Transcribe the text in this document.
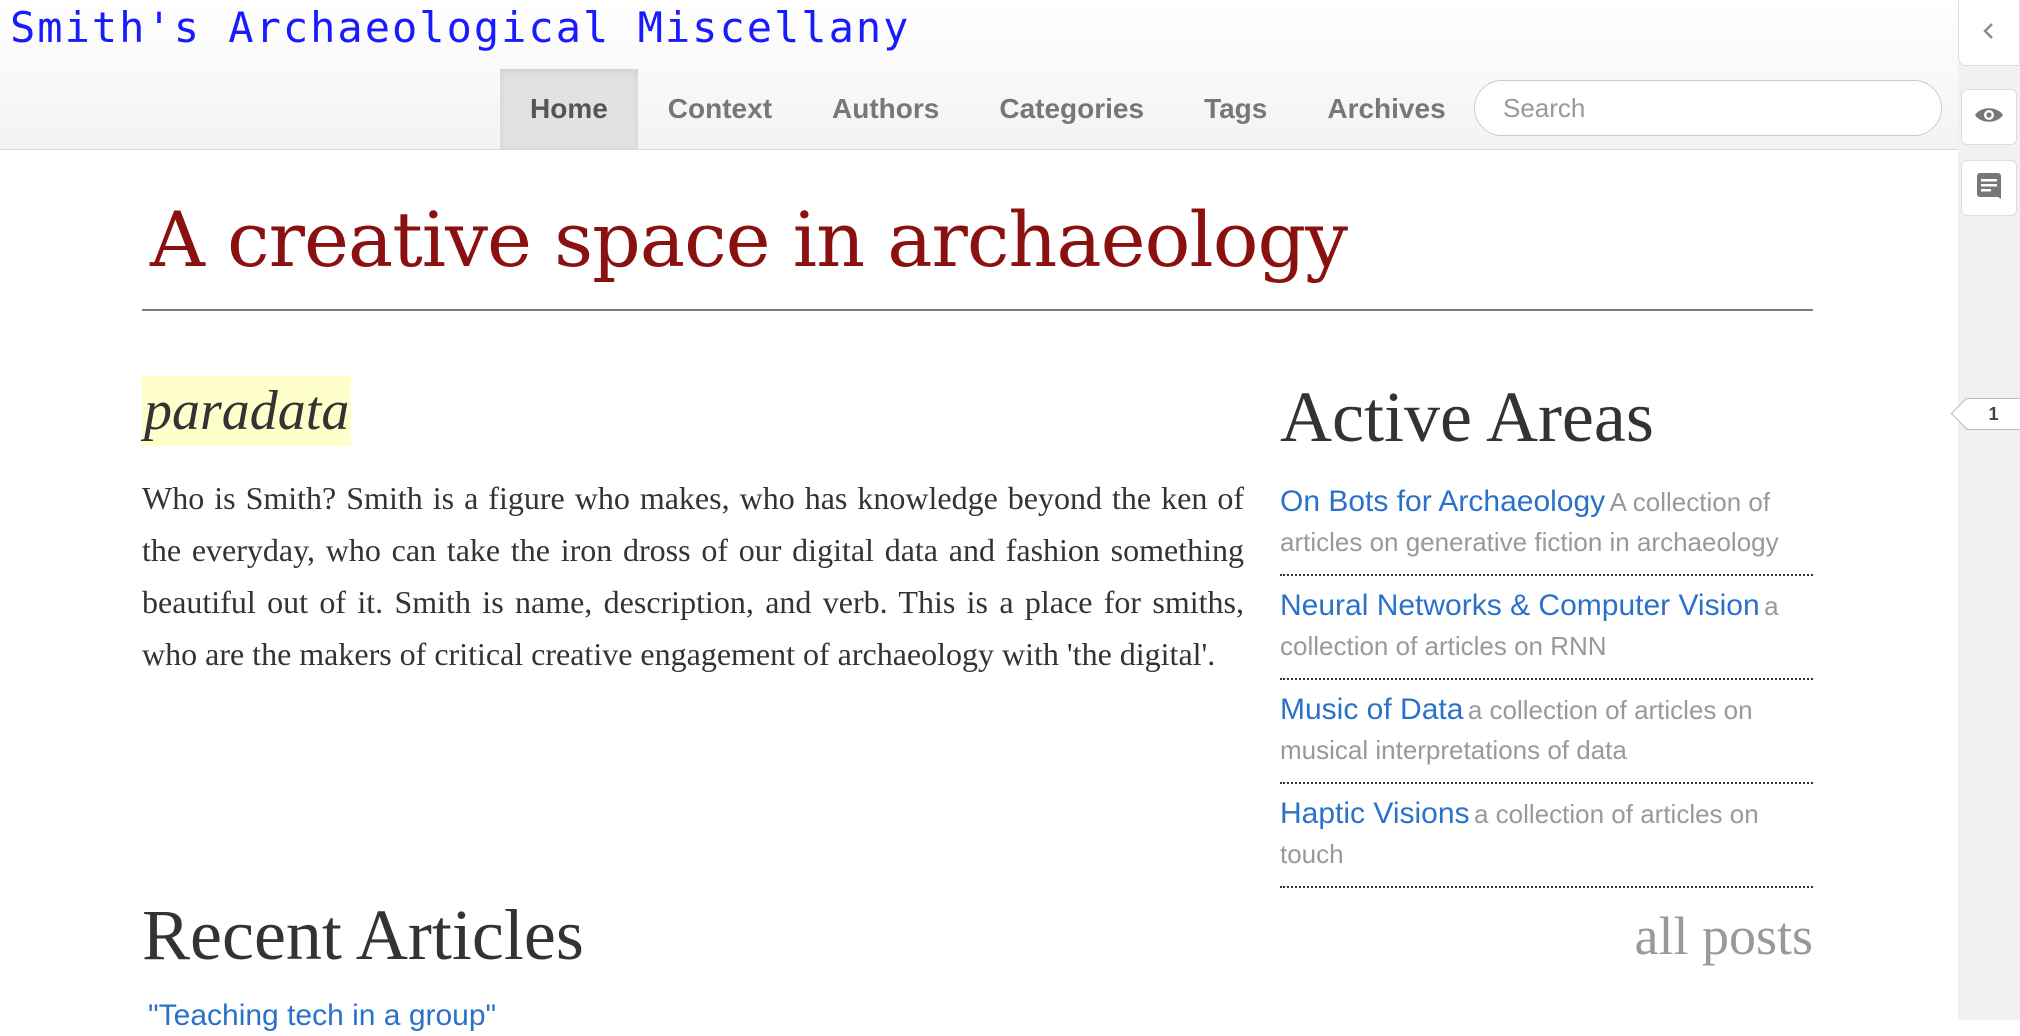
Smith's Archaeological Miscellany
Home	Context	Authors	Categories	Tags	Archives
Search
1
A creative space in archaeology
paradata

Who is Smith? Smith is a figure who makes, who has knowledge beyond the ken of the everyday, who can take the iron dross of our digital data and fashion something beautiful out of it. Smith is name, description, and verb. This is a place for smiths, who are the makers of critical creative engagement of archaeology with 'the digital'.

Active Areas
On Bots for Archaeology A collection of articles on generative fiction in archaeology
Neural Networks & Computer Vision a collection of articles on RNN
Music of Data a collection of articles on musical interpretations of data
Haptic Visions a collection of articles on touch
Recent Articles	all posts
"Teaching tech in a group"
